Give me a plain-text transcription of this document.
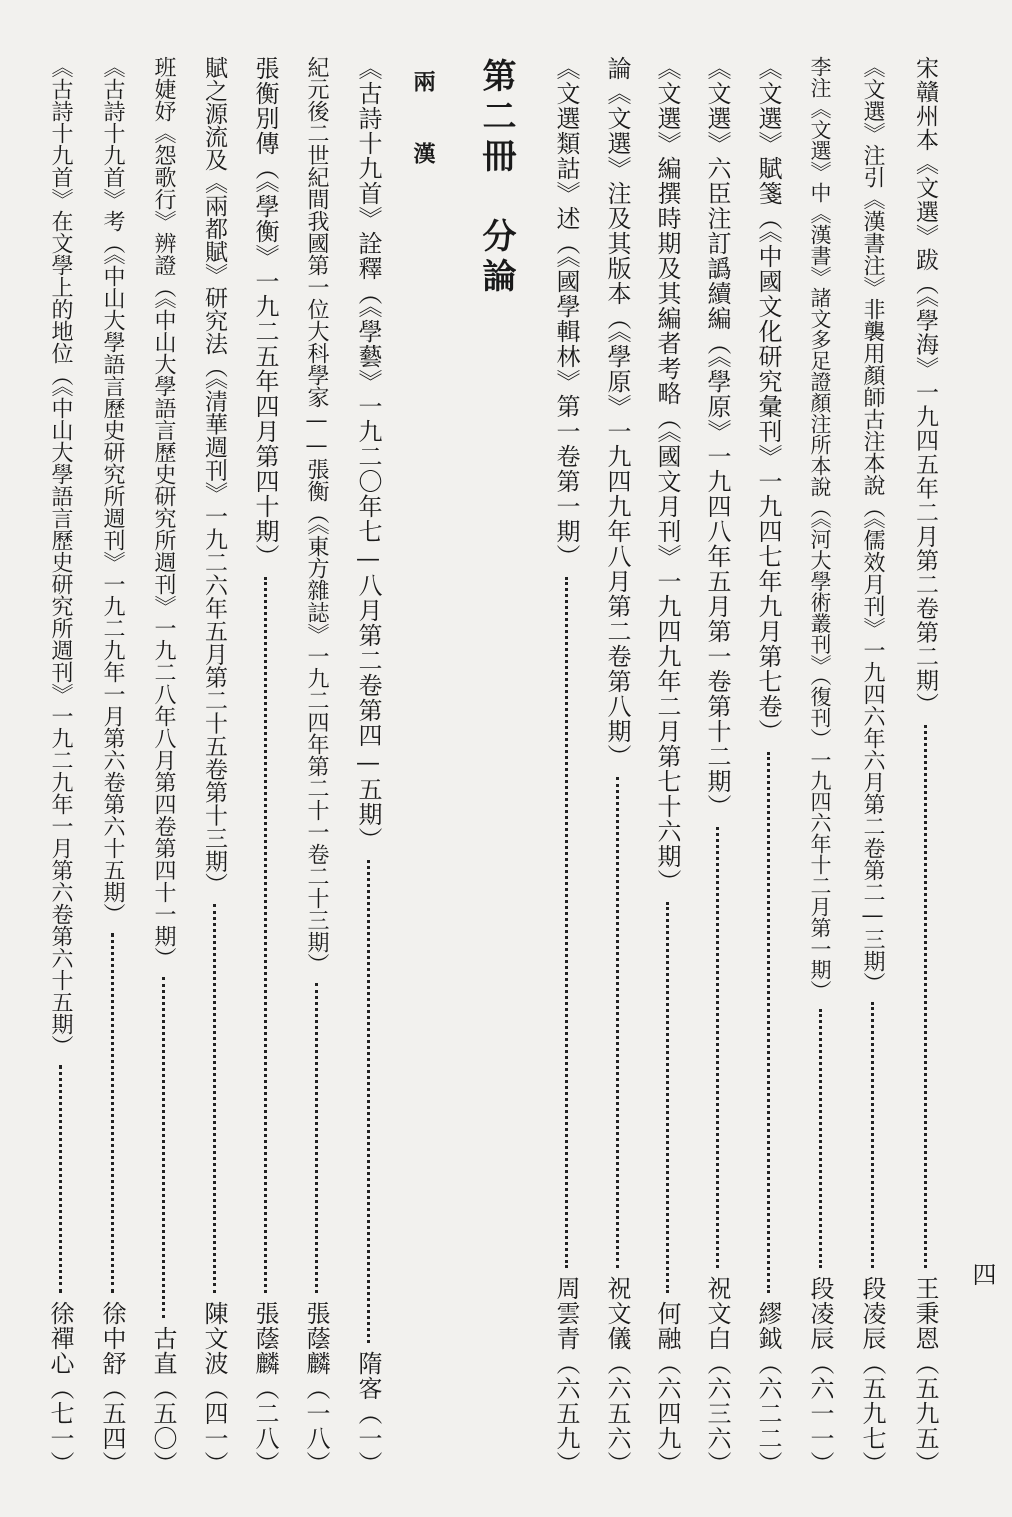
四
宋贛州本《文選》跋（《學海》一九四五年二月第二卷第二期）
王秉恩（五九五）
《文選》注引《漢書注》非襲用顏師古注本說（《儒效月刊》一九四六年六月第二卷第二—三期）
段凌辰（五九七）
李注《文選》中《漢書》諸文多足證顏注所本說（《河大學術叢刊》（復刊）一九四六年十二月第一期）
段凌辰（六一一）
《文選》賦箋（《中國文化研究彙刊》一九四七年九月第七卷）
繆鉞（六二二）
《文選》六臣注訂譌續編（《學原》一九四八年五月第一卷第十二期）
祝文白（六三六）
《文選》編撰時期及其編者考略（《國文月刊》一九四九年二月第七十六期）
何融（六四九）
論《文選》注及其版本（《學原》一九四九年八月第二卷第八期）
祝文儀（六五六）
《文選類詁》述（《國學輯林》第一卷第一期）
周雲青（六五九）
第二冊　分論
兩　漢
《古詩十九首》詮釋（《學藝》一九二〇年七—八月第二卷第四—五期）
隋客（一）
紀元後二世紀間我國第一位大科學家——張衡（《東方雜誌》一九二四年第二十一卷二十三期）
張蔭麟（一八）
張衡別傳（《學衡》一九二五年四月第四十期）
張蔭麟（二八）
賦之源流及《兩都賦》研究法（《清華週刊》一九二六年五月第二十五卷第十三期）
陳文波（四一）
班婕妤《怨歌行》辨證（《中山大學語言歷史研究所週刊》一九二八年八月第四卷第四十一期）
古直（五〇）
《古詩十九首》考（《中山大學語言歷史研究所週刊》一九二九年一月第六卷第六十五期）
徐中舒（五四）
《古詩十九首》在文學上的地位（《中山大學語言歷史研究所週刊》一九二九年一月第六卷第六十五期）
徐禪心（七一）
